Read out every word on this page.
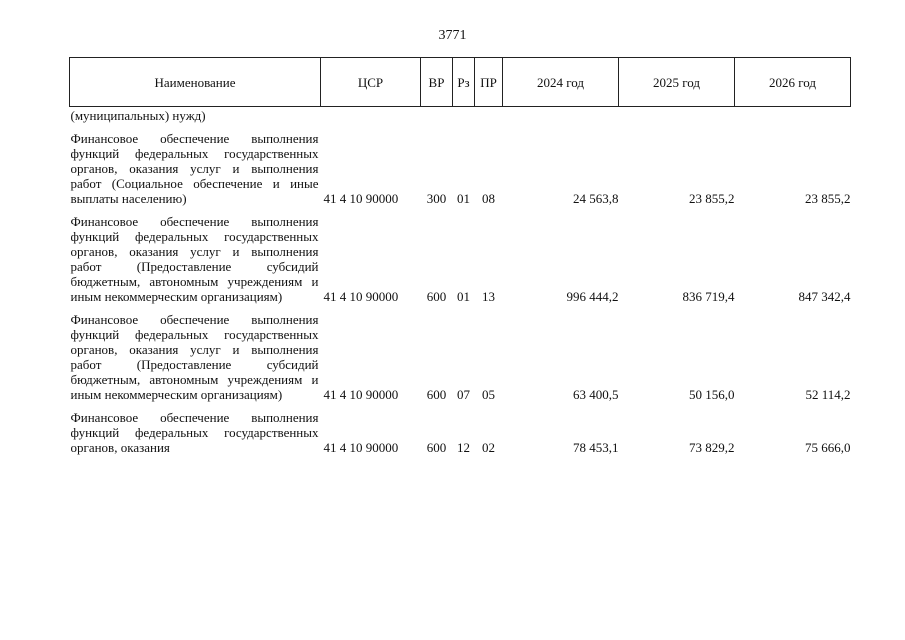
3771
Наименование	ЦСР	ВР	Рз	ПР	2024 год	2025 год	2026 год
(муниципальных) нужд)							
Финансовое обеспечение выполнения функций федеральных государственных органов, оказания услуг и выполнения работ (Социальное обеспечение и иные выплаты населению)	41 4 10 90000	300	01	08	24 563,8	23 855,2	23 855,2
Финансовое обеспечение выполнения функций федеральных государственных органов, оказания услуг и выполнения работ (Предоставление субсидий бюджетным, автономным учреждениям и иным некоммерческим организациям)	41 4 10 90000	600	01	13	996 444,2	836 719,4	847 342,4
Финансовое обеспечение выполнения функций федеральных государственных органов, оказания услуг и выполнения работ (Предоставление субсидий бюджетным, автономным учреждениям и иным некоммерческим организациям)	41 4 10 90000	600	07	05	63 400,5	50 156,0	52 114,2
Финансовое обеспечение выполнения функций федеральных государственных органов, оказания	41 4 10 90000	600	12	02	78 453,1	73 829,2	75 666,0
